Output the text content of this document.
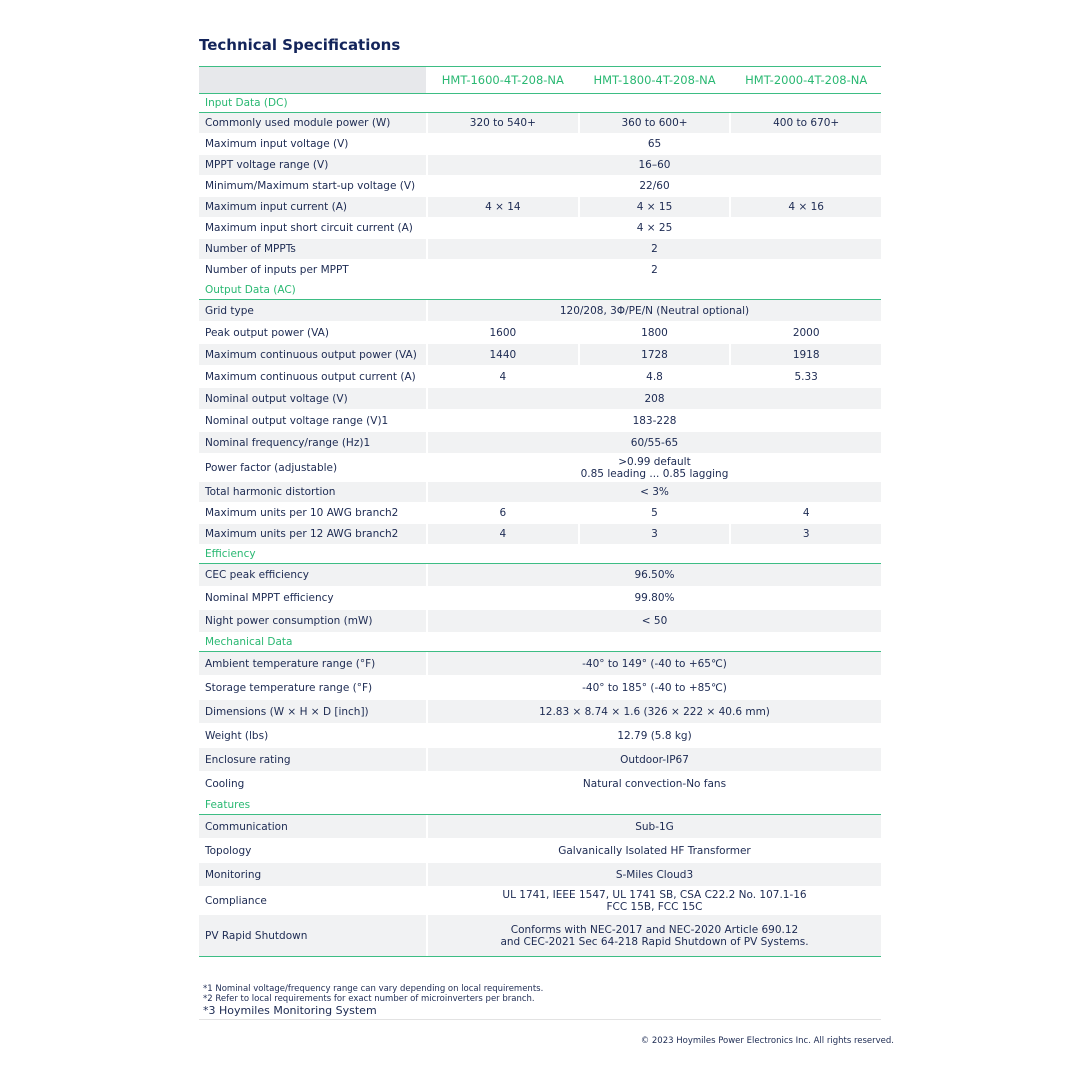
Technical Specifications
HMT-1600-4T-208-NA	HMT-1800-4T-208-NA	HMT-2000-4T-208-NA
Input Data (DC)
Commonly used module power (W)	320 to 540+	360 to 600+	400 to 670+
Maximum input voltage (V)	65
MPPT voltage range (V)	16–60
Minimum/Maximum start-up voltage (V)	22/60
Maximum input current (A)	4 × 14	4 × 15	4 × 16
Maximum input short circuit current (A)	4 × 25
Number of MPPTs	2
Number of inputs per MPPT	2
Output Data (AC)
Grid type	120/208, 3Φ/PE/N (Neutral optional)
Peak output power (VA)	1600	1800	2000
Maximum continuous output power (VA)	1440	1728	1918
Maximum continuous output current (A)	4	4.8	5.33
Nominal output voltage (V)	208
Nominal output voltage range (V)1	183-228
Nominal frequency/range (Hz)1	60/55-65
Power factor (adjustable)	>0.99 default
0.85 leading ... 0.85 lagging
Total harmonic distortion	< 3%
Maximum units per 10 AWG branch2	6	5	4
Maximum units per 12 AWG branch2	4	3	3
Efficiency
CEC peak efficiency	96.50%
Nominal MPPT efficiency	99.80%
Night power consumption (mW)	< 50
Mechanical Data
Ambient temperature range (°F)	-40° to 149° (-40 to +65℃)
Storage temperature range (°F)	-40° to 185° (-40 to +85℃)
Dimensions (W × H × D [inch])	12.83 × 8.74 × 1.6 (326 × 222 × 40.6 mm)
Weight (lbs)	12.79 (5.8 kg)
Enclosure rating	Outdoor-IP67
Cooling	Natural convection-No fans
Features
Communication	Sub-1G
Topology	Galvanically Isolated HF Transformer
Monitoring	S-Miles Cloud3
Compliance	UL 1741, IEEE 1547, UL 1741 SB, CSA C22.2 No. 107.1-16
FCC 15B, FCC 15C
PV Rapid Shutdown	Conforms with NEC-2017 and NEC-2020 Article 690.12
and CEC-2021 Sec 64-218 Rapid Shutdown of PV Systems.
*1 Nominal voltage/frequency range can vary depending on local requirements.
*2 Refer to local requirements for exact number of microinverters per branch.
*3 Hoymiles Monitoring System
© 2023 Hoymiles Power Electronics Inc. All rights reserved.
